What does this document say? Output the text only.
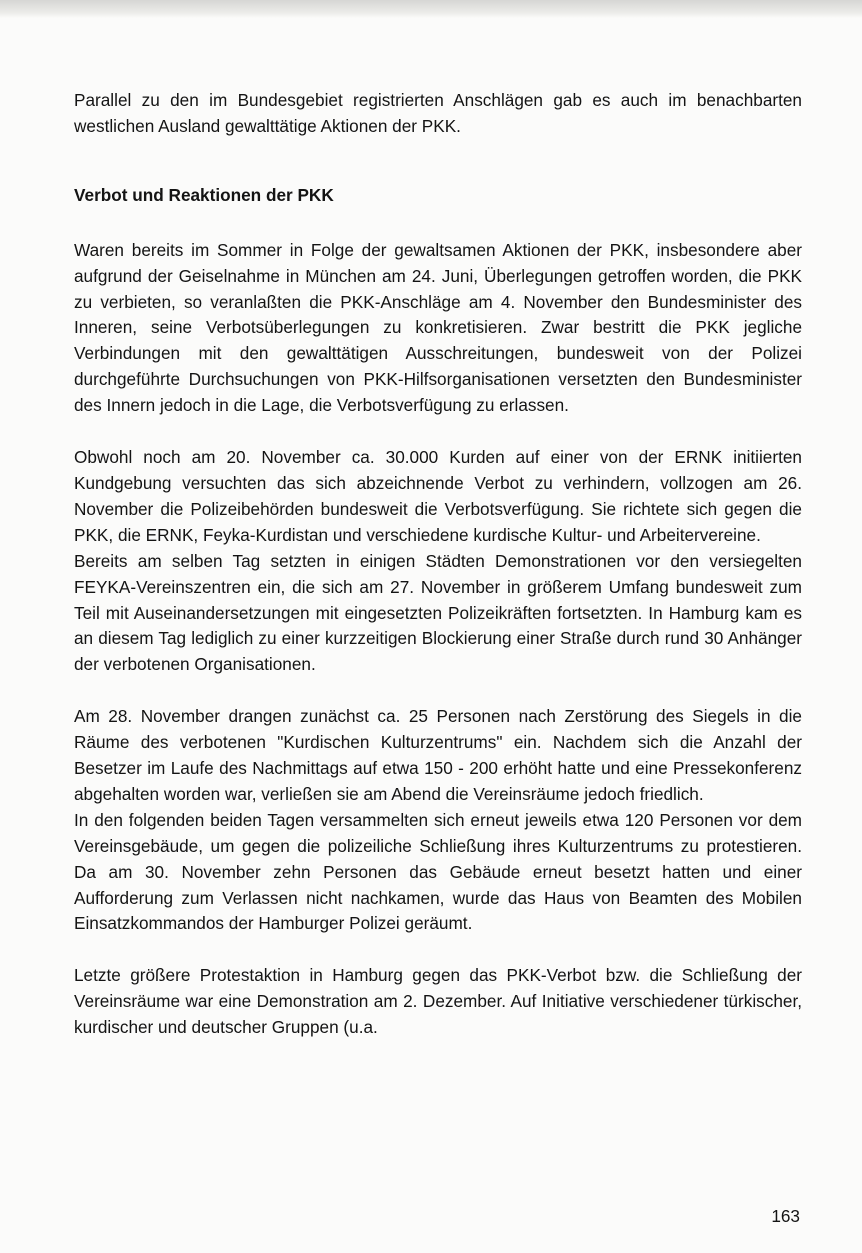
Parallel zu den im Bundesgebiet registrierten Anschlägen gab es auch im benachbarten westlichen Ausland gewalttätige Aktionen der PKK.

Verbot und Reaktionen der PKK

Waren bereits im Sommer in Folge der gewaltsamen Aktionen der PKK, insbesondere aber aufgrund der Geiselnahme in München am 24. Juni, Überlegungen getroffen worden, die PKK zu verbieten, so veranlaßten die PKK-Anschläge am 4. November den Bundesminister des Inneren, seine Verbotsüberlegungen zu konkretisieren. Zwar bestritt die PKK jegliche Verbindungen mit den gewalttätigen Ausschreitungen, bundesweit von der Polizei durchgeführte Durchsuchungen von PKK-Hilfsorganisationen versetzten den Bundesminister des Innern jedoch in die Lage, die Verbotsverfügung zu erlassen.

Obwohl noch am 20. November ca. 30.000 Kurden auf einer von der ERNK initiierten Kundgebung versuchten das sich abzeichnende Verbot zu verhindern, vollzogen am 26. November die Polizeibehörden bundesweit die Verbotsverfügung. Sie richtete sich gegen die PKK, die ERNK, Feyka-Kurdistan und verschiedene kurdische Kultur- und Arbeitervereine.

Bereits am selben Tag setzten in einigen Städten Demonstrationen vor den versiegelten FEYKA-Vereinszentren ein, die sich am 27. November in größerem Umfang bundesweit zum Teil mit Auseinandersetzungen mit eingesetzten Polizeikräften fortsetzten. In Hamburg kam es an diesem Tag lediglich zu einer kurzzeitigen Blockierung einer Straße durch rund 30 Anhänger der verbotenen Organisationen.

Am 28. November drangen zunächst ca. 25 Personen nach Zerstörung des Siegels in die Räume des verbotenen "Kurdischen Kulturzentrums" ein. Nachdem sich die Anzahl der Besetzer im Laufe des Nachmittags auf etwa 150 - 200 erhöht hatte und eine Pressekonferenz abgehalten worden war, verließen sie am Abend die Vereinsräume jedoch friedlich.

In den folgenden beiden Tagen versammelten sich erneut jeweils etwa 120 Personen vor dem Vereinsgebäude, um gegen die polizeiliche Schließung ihres Kulturzentrums zu protestieren. Da am 30. November zehn Personen das Gebäude erneut besetzt hatten und einer Aufforderung zum Verlassen nicht nachkamen, wurde das Haus von Beamten des Mobilen Einsatzkommandos der Hamburger Polizei geräumt.

Letzte größere Protestaktion in Hamburg gegen das PKK-Verbot bzw. die Schließung der Vereinsräume war eine Demonstration am 2. Dezember. Auf Initiative verschiedener türkischer, kurdischer und deutscher Gruppen (u.a.

163
